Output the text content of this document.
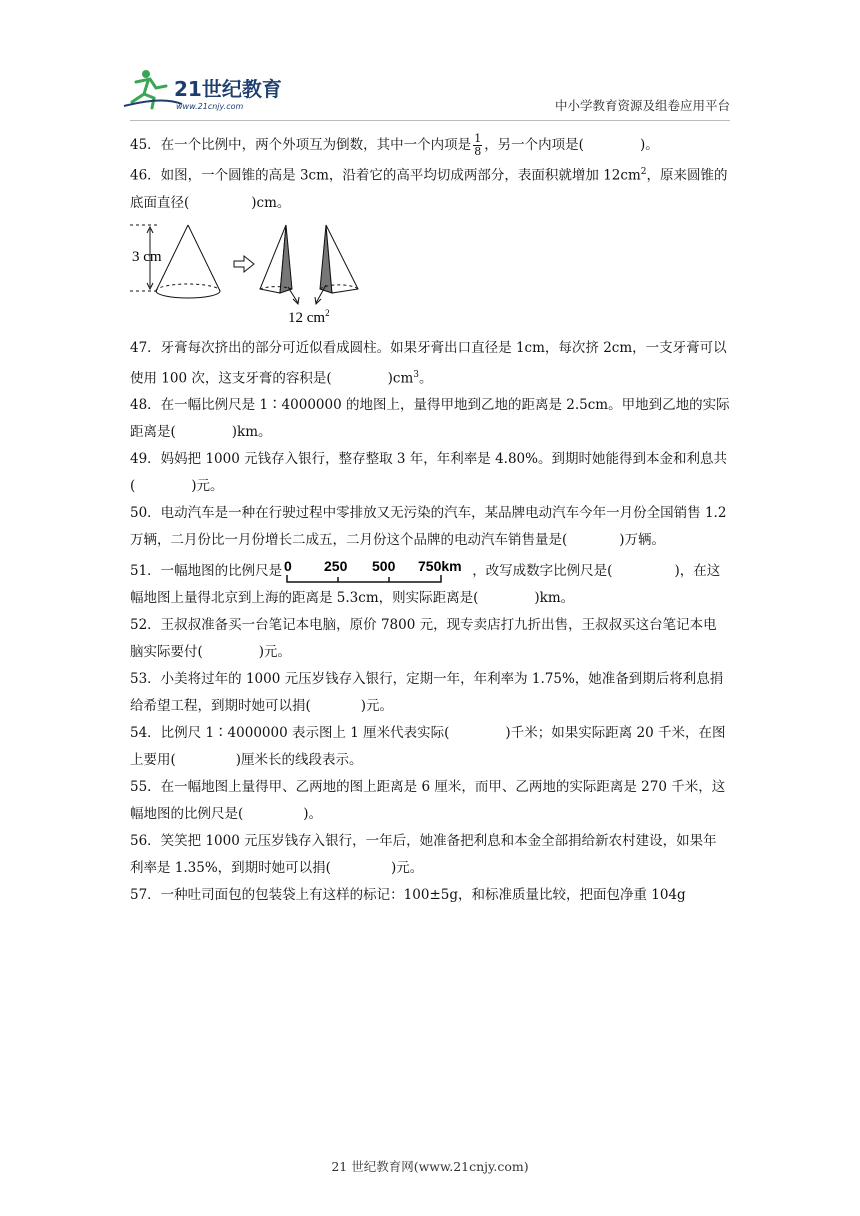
21世纪教育
www.21cnjy.com	中小学教育资源及组卷应用平台

45．在一个比例中，两个外项互为倒数，其中一个内项是 $\frac{1}{8}$ ，另一个内项是(	)。

46．如图，一个圆锥的高是 3cm，沿着它的高平均切成两部分，表面积就增加 $12cm^2$，原来圆锥的底面直径(	)cm。

3 cm
12 $cm^2$

47．牙膏每次挤出的部分可近似看成圆柱。如果牙膏出口直径是 1cm，每次挤 2cm，一支牙膏可以使用 100 次，这支牙膏的容积是(	)$cm^3$。

48．在一幅比例尺是 1∶4000000 的地图上，量得甲地到乙地的距离是 2.5cm。甲地到乙地的实际距离是(	)km。

49．妈妈把 1000 元钱存入银行，整存整取 3 年，年利率是 4.80%。到期时她能得到本金和利息共(	)元。

50．电动汽车是一种在行驶过程中零排放又无污染的汽车，某品牌电动汽车今年一月份全国销售 1.2 万辆，二月份比一月份增长二成五，二月份这个品牌的电动汽车销售量是(	)万辆。

51．一幅地图的比例尺是 0 250 500 750km ，改写成数字比例尺是(	)，在这幅地图上量得北京到上海的距离是 5.3cm，则实际距离是(	)km。

52．王叔叔准备买一台笔记本电脑，原价 7800 元，现专卖店打九折出售，王叔叔买这台笔记本电脑实际要付(	)元。

53．小美将过年的 1000 元压岁钱存入银行，定期一年，年利率为 1.75%，她准备到期后将利息捐给希望工程，到期时她可以捐(	)元。

54．比例尺 1∶4000000 表示图上 1 厘米代表实际(	)千米；如果实际距离 20 千米，在图上要用(	)厘米长的线段表示。

55．在一幅地图上量得甲、乙两地的图上距离是 6 厘米，而甲、乙两地的实际距离是 270 千米，这幅地图的比例尺是(	)。

56．笑笑把 1000 元压岁钱存入银行，一年后，她准备把利息和本金全部捐给新农村建设，如果年利率是 1.35%，到期时她可以捐(	)元。

57．一种吐司面包的包装袋上有这样的标记：100±5g，和标准质量比较，把面包净重 104g

21 世纪教育网(www.21cnjy.com)
